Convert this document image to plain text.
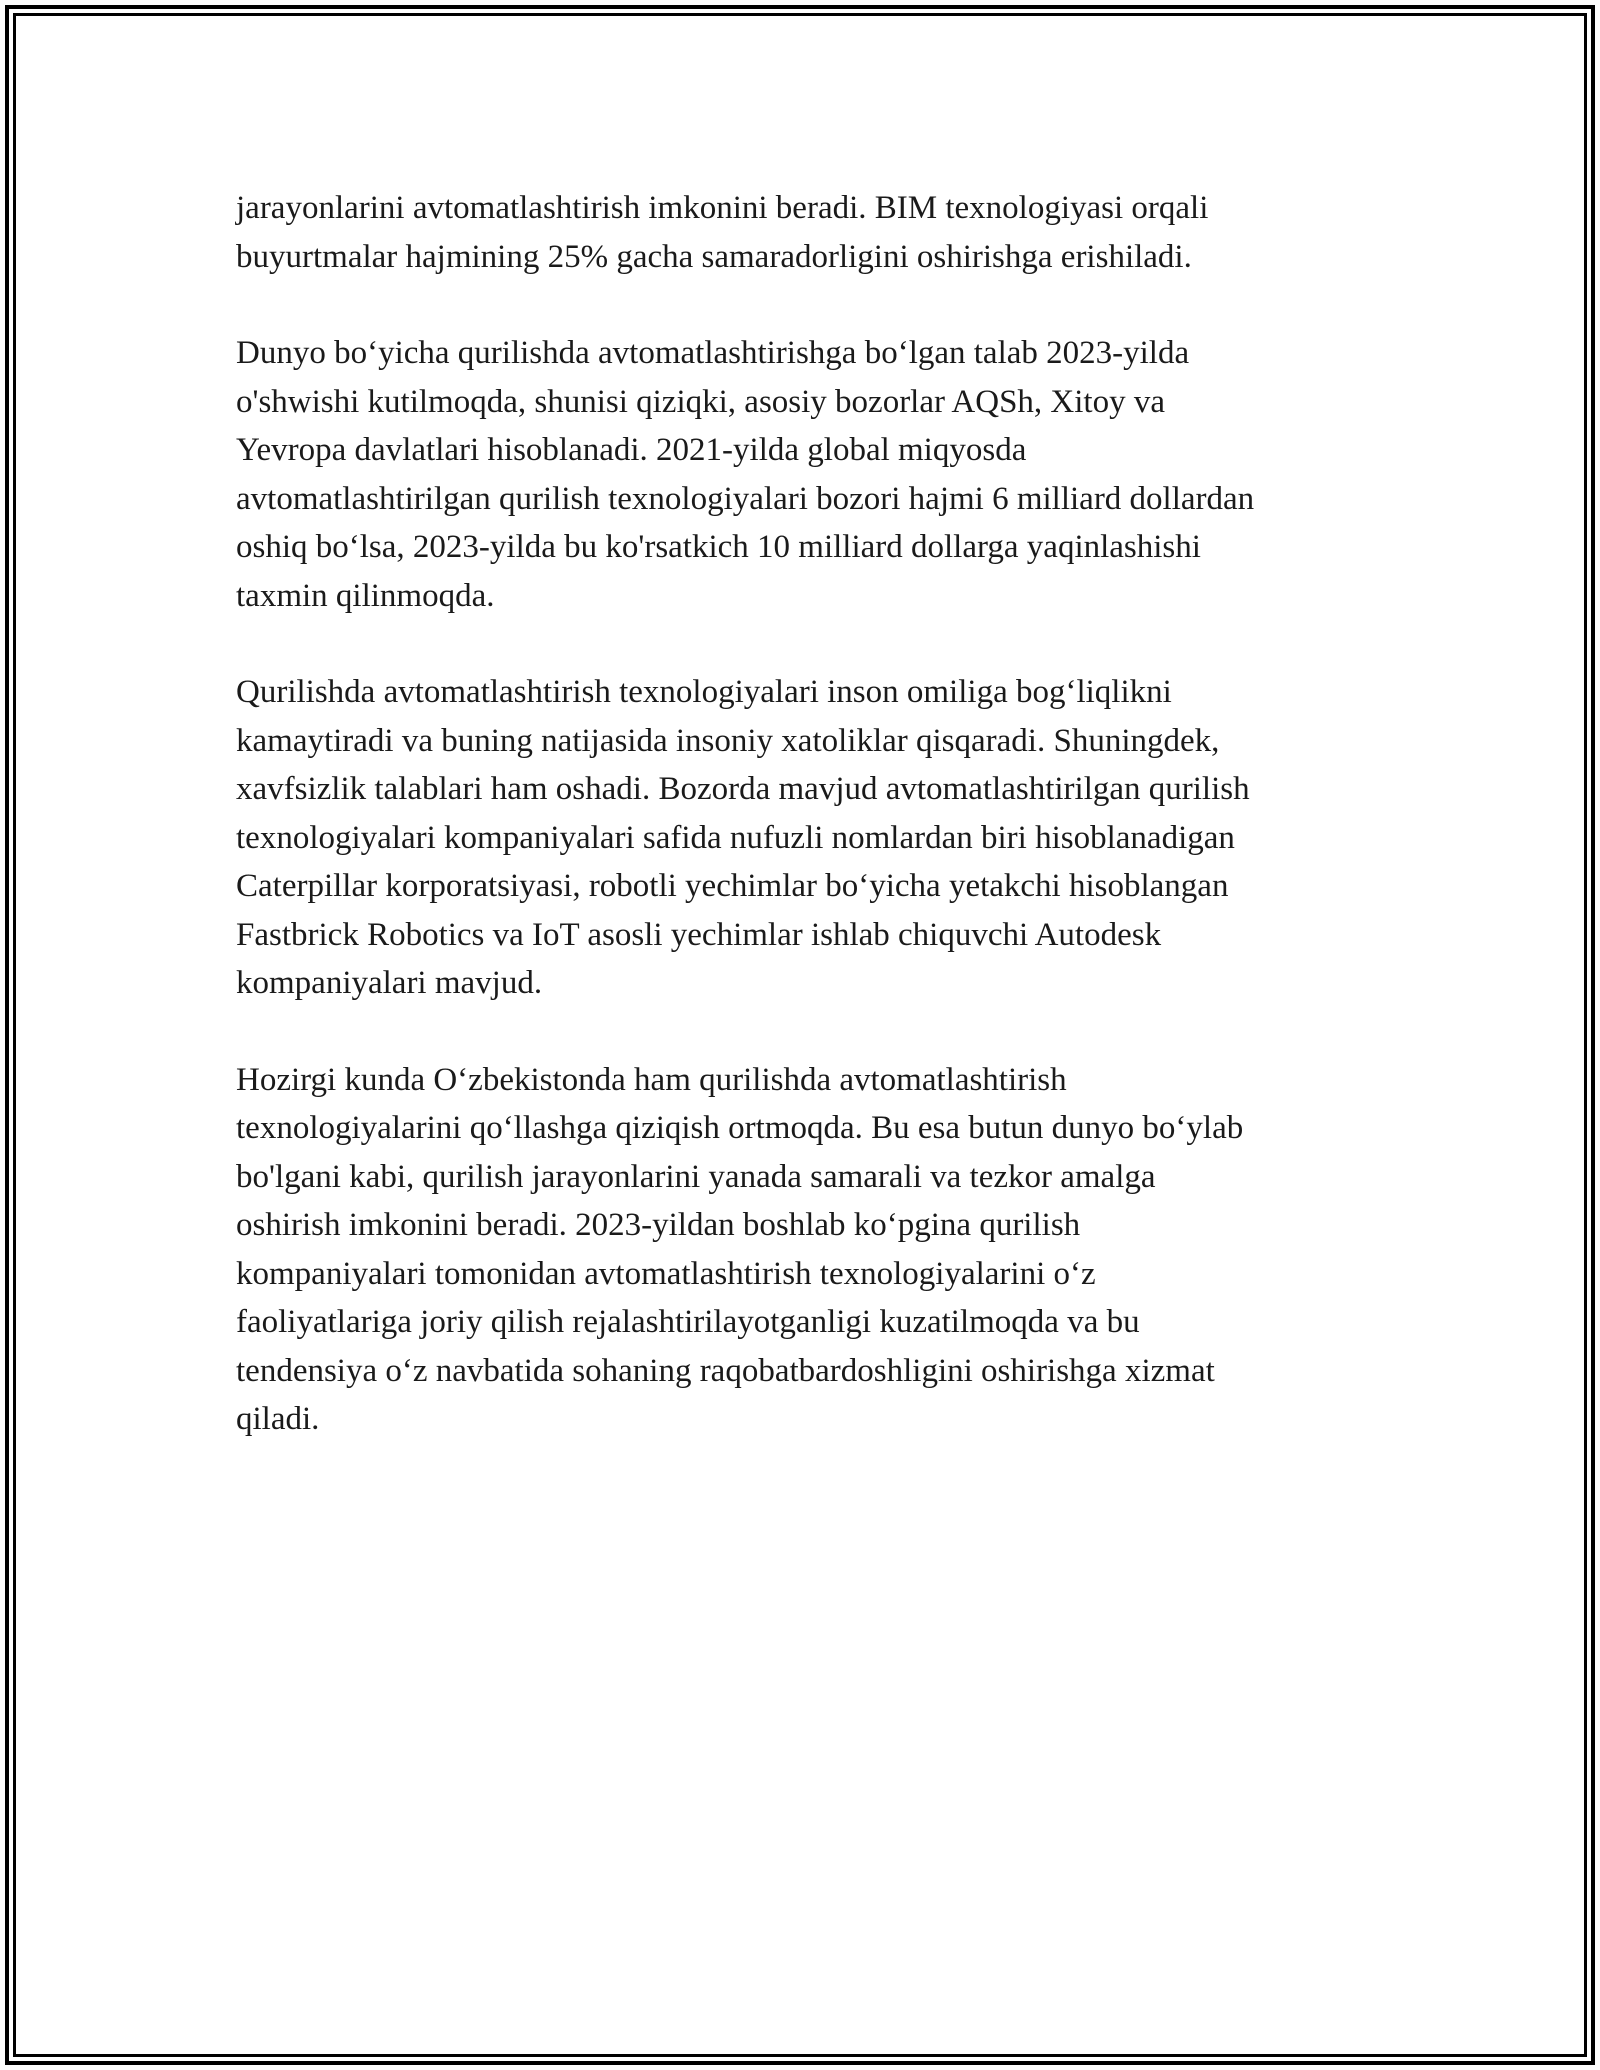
jarayonlarini avtomatlashtirish imkonini beradi. BIM texnologiyasi orqali
buyurtmalar hajmining 25% gacha samaradorligini oshirishga erishiladi.

Dunyo bo‘yicha qurilishda avtomatlashtirishga bo‘lgan talab 2023-yilda
o'shwishi kutilmoqda, shunisi qiziqki, asosiy bozorlar AQSh, Xitoy va
Yevropa davlatlari hisoblanadi. 2021-yilda global miqyosda
avtomatlashtirilgan qurilish texnologiyalari bozori hajmi 6 milliard dollardan
oshiq bo‘lsa, 2023-yilda bu ko'rsatkich 10 milliard dollarga yaqinlashishi
taxmin qilinmoqda.

Qurilishda avtomatlashtirish texnologiyalari inson omiliga bog‘liqlikni
kamaytiradi va buning natijasida insoniy xatoliklar qisqaradi. Shuningdek,
xavfsizlik talablari ham oshadi. Bozorda mavjud avtomatlashtirilgan qurilish
texnologiyalari kompaniyalari safida nufuzli nomlardan biri hisoblanadigan
Caterpillar korporatsiyasi, robotli yechimlar bo‘yicha yetakchi hisoblangan
Fastbrick Robotics va IoT asosli yechimlar ishlab chiquvchi Autodesk
kompaniyalari mavjud.

Hozirgi kunda O‘zbekistonda ham qurilishda avtomatlashtirish
texnologiyalarini qo‘llashga qiziqish ortmoqda. Bu esa butun dunyo bo‘ylab
bo'lgani kabi, qurilish jarayonlarini yanada samarali va tezkor amalga
oshirish imkonini beradi. 2023-yildan boshlab ko‘pgina qurilish
kompaniyalari tomonidan avtomatlashtirish texnologiyalarini o‘z
faoliyatlariga joriy qilish rejalashtirilayotganligi kuzatilmoqda va bu
tendensiya o‘z navbatida sohaning raqobatbardoshligini oshirishga xizmat
qiladi.
